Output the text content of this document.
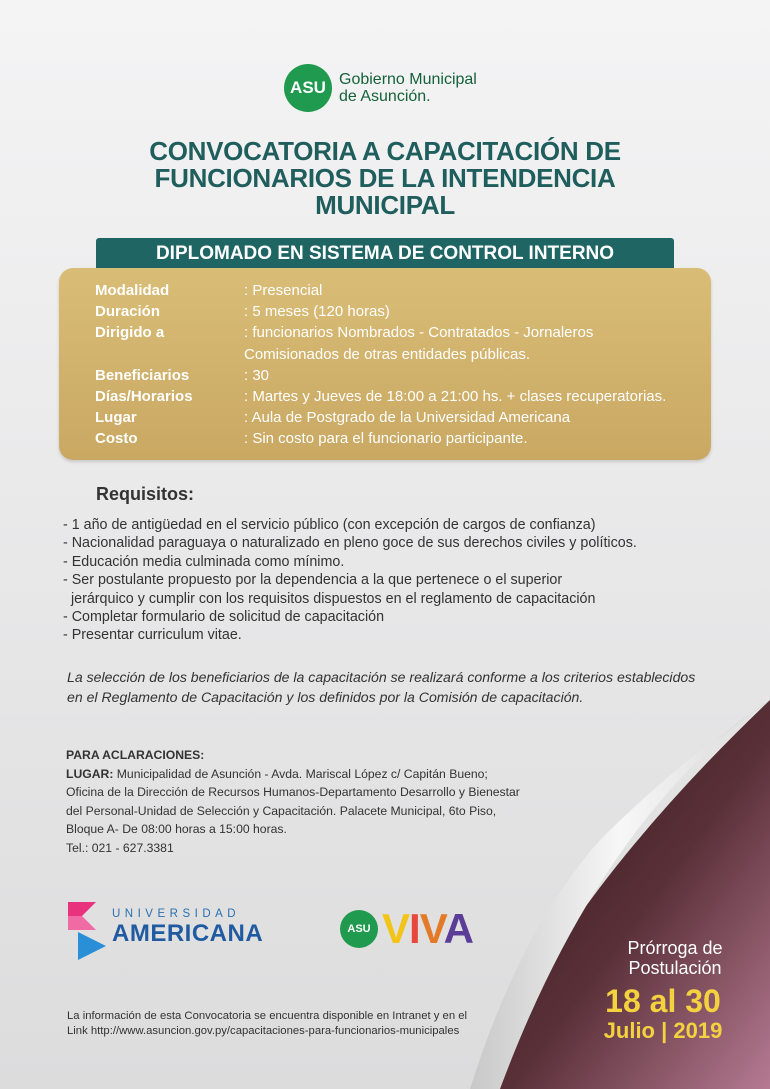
ASU Gobierno Municipal
de Asunción.
CONVOCATORIA A CAPACITACIÓN DE
FUNCIONARIOS DE LA INTENDENCIA
MUNICIPAL
DIPLOMADO EN SISTEMA DE CONTROL INTERNO
Modalidad	: Presencial
Duración	: 5 meses (120 horas)
Dirigido a	: funcionarios Nombrados - Contratados - Jornaleros
Comisionados de otras entidades públicas.
Beneficiarios	: 30
Días/Horarios	: Martes y Jueves de 18:00 a 21:00 hs. + clases recuperatorias.
Lugar	: Aula de Postgrado de la Universidad Americana
Costo	: Sin costo para el funcionario participante.
Requisitos:
- 1 año de antigüedad en el servicio público (con excepción de cargos de confianza)
- Nacionalidad paraguaya o naturalizado en pleno goce de sus derechos civiles y políticos.
- Educación media culminada como mínimo.
- Ser postulante propuesto por la dependencia a la que pertenece o el superior
jerárquico y cumplir con los requisitos dispuestos en el reglamento de capacitación
- Completar formulario de solicitud de capacitación
- Presentar curriculum vitae.
La selección de los beneficiarios de la capacitación se realizará conforme a los criterios establecidos en el Reglamento de Capacitación y los definidos por la Comisión de capacitación.
PARA ACLARACIONES:
LUGAR: Municipalidad de Asunción - Avda. Mariscal López c/ Capitán Bueno; Oficina de la Dirección de Recursos Humanos-Departamento Desarrollo y Bienestar del Personal-Unidad de Selección y Capacitación. Palacete Municipal, 6to Piso, Bloque A- De 08:00 horas a 15:00 horas.
Tel.: 021 - 627.3381
UNIVERSIDAD
AMERICANA	ASU VIVA
La información de esta Convocatoria se encuentra disponible en Intranet y en el
Link http://www.asuncion.gov.py/capacitaciones-para-funcionarios-municipales
Prórroga de
Postulación
18 al 30
Julio | 2019
